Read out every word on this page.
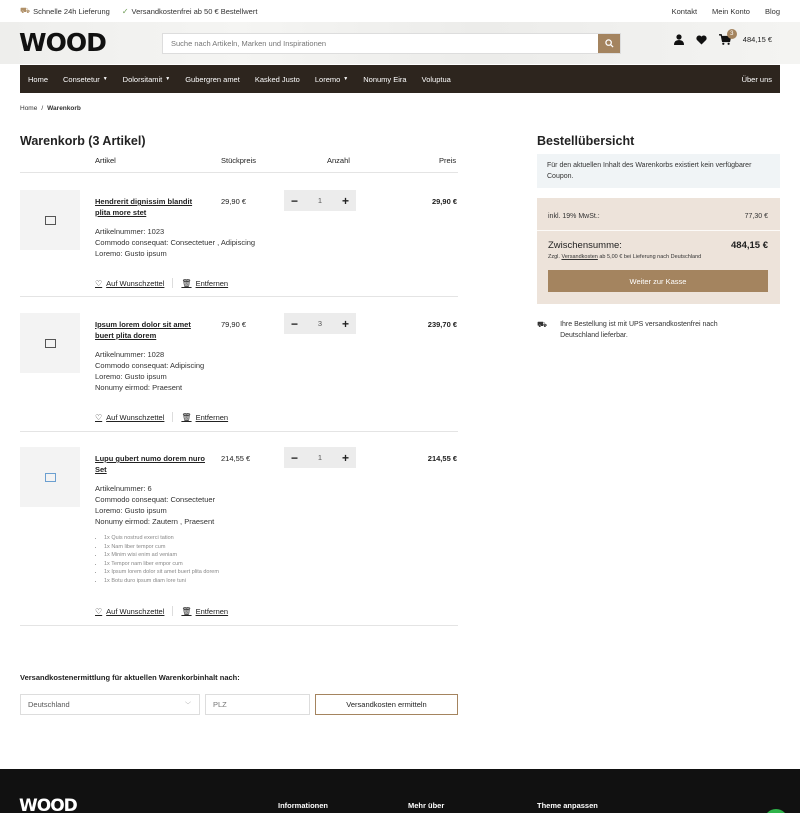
⛟ Schnelle 24h Lieferung ✓ Versandkostenfrei ab 50 € Bestellwert	Kontakt Mein Konto Blog
WOOD
Suche nach Artikeln, Marken und Inspirationen	3
484,15 €
Home Consetetur ▼ Dolorsitamit ▼ Gubergren amet Kasked Justo Loremo ▼ Nonumy Eira Voluptua	Über uns
Home / Warenkorb
Warenkorb (3 Artikel)
Artikel	Stückpreis	Anzahl	Preis
Hendrerit dignissim blandit plita more stet
Artikelnummer: 1023
Commodo consequat: Consectetuer , Adipiscing
Loremo: Gusto ipsum
29,90 €	−	1 +	29,90 €
♡ Auf Wunschzettel 🗑 Entfernen
Ipsum lorem dolor sit amet buert plita dorem
Artikelnummer: 1028
Commodo consequat: Adipiscing
Loremo: Gusto ipsum
Nonumy eirmod: Praesent
79,90 €	−	3 +	239,70 €
♡ Auf Wunschzettel 🗑 Entfernen
Lupu gubert numo dorem nuro Set
Artikelnummer: 6
Commodo consequat: Consectetuer
Loremo: Gusto ipsum
Nonumy eirmod: Zautern , Praesent
• 1x Quis nostrud exerci tation
• 1x Nam liber tempor cum
• 1x Minim wisi enim ad veniam
• 1x Tempor nam liber empor cum
• 1x Ipsum lorem dolor sit amet buert plita dorem
• 1x Botu duro ipsum diam lore tuni
214,55 €	−	1 +	214,55 €
♡ Auf Wunschzettel 🗑 Entfernen
Versandkostenermittlung für aktuellen Warenkorbinhalt nach:
Deutschland	﹀
PLZ	Versandkosten ermitteln
Bestellübersicht
Für den aktuellen Inhalt des Warenkorbs existiert kein verfügbarer Coupon.
inkl. 19% MwSt.:	77,30 €
Zwischensumme:	484,15 €
Zzgl. Versandkosten ab 5,00 € bei Lieferung nach Deutschland
Weiter zur Kasse
⛟ Ihre Bestellung ist mit UPS versandkostenfrei nach Deutschland lieferbar.
WOOD	Informationen	Mehr über	Theme anpassen
